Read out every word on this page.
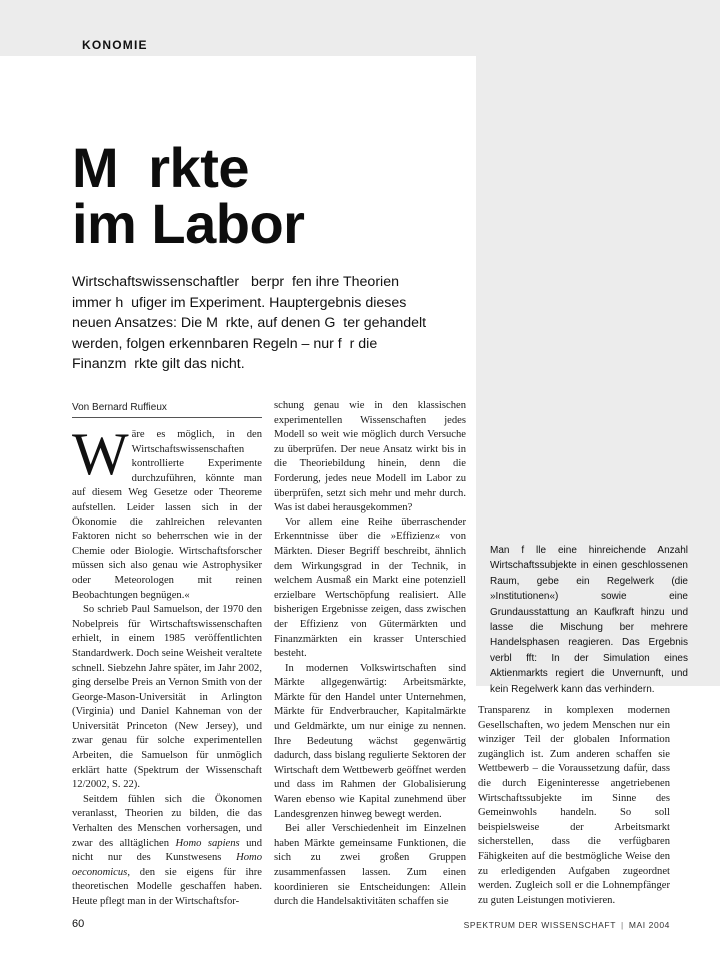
KONOMIE
M  rkte
im Labor
Wirtschaftswissenschaftler   berpr  fen ihre Theorien
immer h  ufiger im Experiment. Hauptergebnis dieses
neuen Ansatzes: Die M  rkte, auf denen G  ter gehandelt
werden, folgen erkennbaren Regeln – nur f  r die
Finanzm  rkte gilt das nicht.
Von Bernard Ruffieux

Wäre es möglich, in den Wirtschaftswissenschaften kontrollierte Experimente durchzuführen, könnte man auf diesem Weg Gesetze oder Theoreme aufstellen. Leider lassen sich in der Ökonomie die zahlreichen relevanten Faktoren nicht so beherrschen wie in der Chemie oder Biologie. Wirtschaftsforscher müssen sich also genau wie Astrophysiker oder Meteorologen mit reinen Beobachtungen begnügen.«

So schrieb Paul Samuelson, der 1970 den Nobelpreis für Wirtschaftswissenschaften erhielt, in einem 1985 veröffentlichten Standardwerk. Doch seine Weisheit veraltete schnell. Siebzehn Jahre später, im Jahr 2002, ging derselbe Preis an Vernon Smith von der George-Mason-Universität in Arlington (Virginia) und Daniel Kahneman von der Universität Princeton (New Jersey), und zwar genau für solche experimentellen Arbeiten, die Samuelson für unmöglich erklärt hatte (Spektrum der Wissenschaft 12/2002, S. 22).

Seitdem fühlen sich die Ökonomen veranlasst, Theorien zu bilden, die das Verhalten des Menschen vorhersagen, und zwar des alltäglichen Homo sapiens und nicht nur des Kunstwesens Homo oeconomicus, den sie eigens für ihre theoretischen Modelle geschaffen haben. Heute pflegt man in der Wirtschaftsfor-

schung genau wie in den klassischen experimentellen Wissenschaften jedes Modell so weit wie möglich durch Versuche zu überprüfen. Der neue Ansatz wirkt bis in die Theoriebildung hinein, denn die Forderung, jedes neue Modell im Labor zu überprüfen, setzt sich mehr und mehr durch. Was ist dabei herausgekommen?

Vor allem eine Reihe überraschender Erkenntnisse über die »Effizienz« von Märkten. Dieser Begriff beschreibt, ähnlich dem Wirkungsgrad in der Technik, in welchem Ausmaß ein Markt eine potenziell erzielbare Wertschöpfung realisiert. Alle bisherigen Ergebnisse zeigen, dass zwischen der Effizienz von Gütermärkten und Finanzmärkten ein krasser Unterschied besteht.

In modernen Volkswirtschaften sind Märkte allgegenwärtig: Arbeitsmärkte, Märkte für den Handel unter Unternehmen, Märkte für Endverbraucher, Kapitalmärkte und Geldmärkte, um nur einige zu nennen. Ihre Bedeutung wächst gegenwärtig dadurch, dass bislang regulierte Sektoren der Wirtschaft dem Wettbewerb geöffnet werden und dass im Rahmen der Globalisierung Waren ebenso wie Kapital zunehmend über Landesgrenzen hinweg bewegt werden.

Bei aller Verschiedenheit im Einzelnen haben Märkte gemeinsame Funktionen, die sich zu zwei großen Gruppen zusammenfassen lassen. Zum einen koordinieren sie Entscheidungen: Allein durch die Handelsaktivitäten schaffen sie

Man f lle eine hinreichende Anzahl Wirtschaftssubjekte in einen geschlossenen Raum, gebe ein Regelwerk (die »Institutionen«) sowie eine Grundausstattung an Kaufkraft hinzu und lasse die Mischung ber mehrere Handelsphasen reagieren. Das Ergebnis verbl fft: In der Simulation eines Aktienmarkts regiert die Unvernunft, und kein Regelwerk kann das verhindern.

Transparenz in komplexen modernen Gesellschaften, wo jedem Menschen nur ein winziger Teil der globalen Information zugänglich ist. Zum anderen schaffen sie Wettbewerb – die Voraussetzung dafür, dass die durch Eigeninteresse angetriebenen Wirtschaftssubjekte im Sinne des Gemeinwohls handeln. So soll beispielsweise der Arbeitsmarkt sicherstellen, dass die verfügbaren Fähigkeiten auf die bestmögliche Weise den zu erledigenden Aufgaben zugeordnet werden. Zugleich soll er die Lohnempfänger zu guten Leistungen motivieren.

60	SPEKTRUM DER WISSENSCHAFT | MAI 2004
